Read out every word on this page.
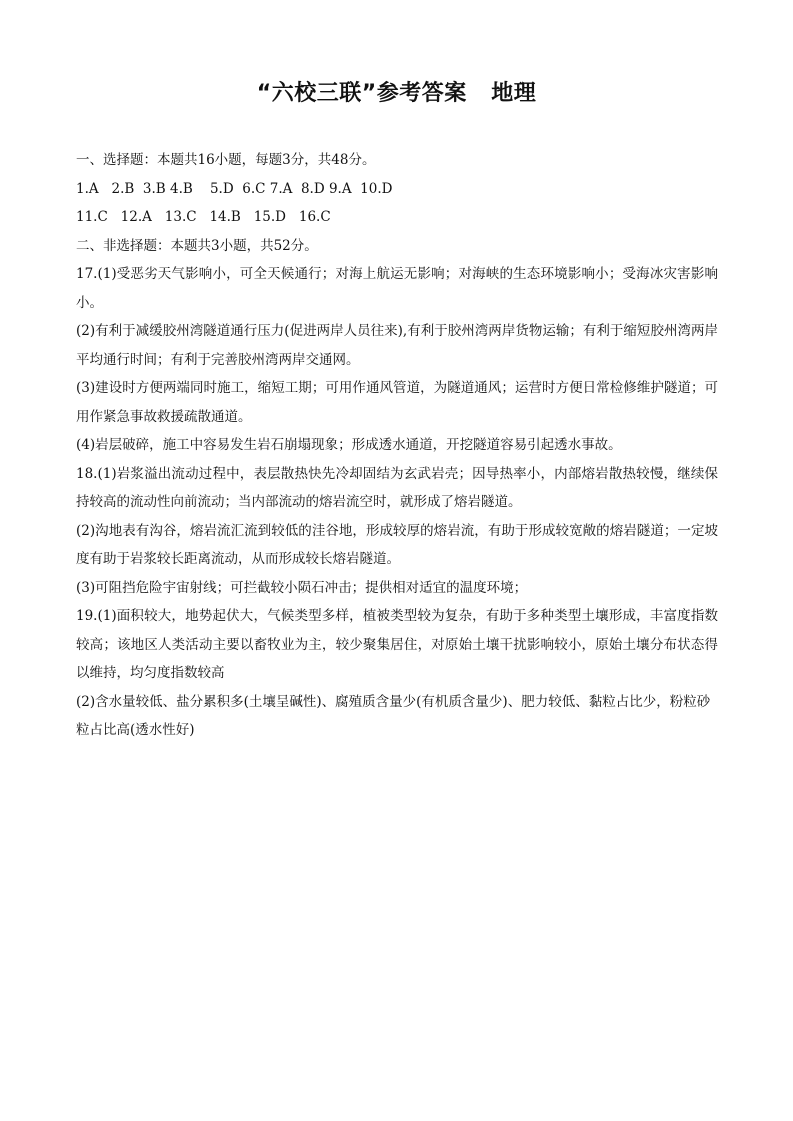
“六校三联”参考答案   地理
一、选择题：本题共16小题，每题3分，共48分。
1.A   2.B  3.B 4.B    5.D  6.C 7.A  8.D 9.A  10.D
11.C   12.A   13.C   14.B   15.D   16.C
二、非选择题：本题共3小题，共52分。
17.(1)受恶劣天气影响小，可全天候通行；对海上航运无影响；对海峡的生态环境影响小；受海冰灾害影响小。
(2)有利于减缓胶州湾隧道通行压力(促进两岸人员往来),有利于胶州湾两岸货物运输；有利于缩短胶州湾两岸平均通行时间；有利于完善胶州湾两岸交通网。
(3)建设时方便两端同时施工，缩短工期；可用作通风管道，为隧道通风；运营时方便日常检修维护隧道；可用作紧急事故救援疏散通道。
(4)岩层破碎，施工中容易发生岩石崩塌现象；形成透水通道，开挖隧道容易引起透水事故。
18.(1)岩浆溢出流动过程中，表层散热快先冷却固结为玄武岩壳；因导热率小，内部熔岩散热较慢，继续保持较高的流动性向前流动；当内部流动的熔岩流空时，就形成了熔岩隧道。
(2)沟地表有沟谷，熔岩流汇流到较低的洼谷地，形成较厚的熔岩流，有助于形成较宽敞的熔岩隧道；一定坡度有助于岩浆较长距离流动，从而形成较长熔岩隧道。
(3)可阻挡危险宇宙射线；可拦截较小陨石冲击；提供相对适宜的温度环境；
19.(1)面积较大，地势起伏大，气候类型多样，植被类型较为复杂，有助于多种类型土壤形成，丰富度指数较高；该地区人类活动主要以畜牧业为主，较少聚集居住，对原始土壤干扰影响较小，原始土壤分布状态得以维持，均匀度指数较高
(2)含水量较低、盐分累积多(土壤呈碱性)、腐殖质含量少(有机质含量少)、肥力较低、黏粒占比少，粉粒砂
粒占比高(透水性好)
